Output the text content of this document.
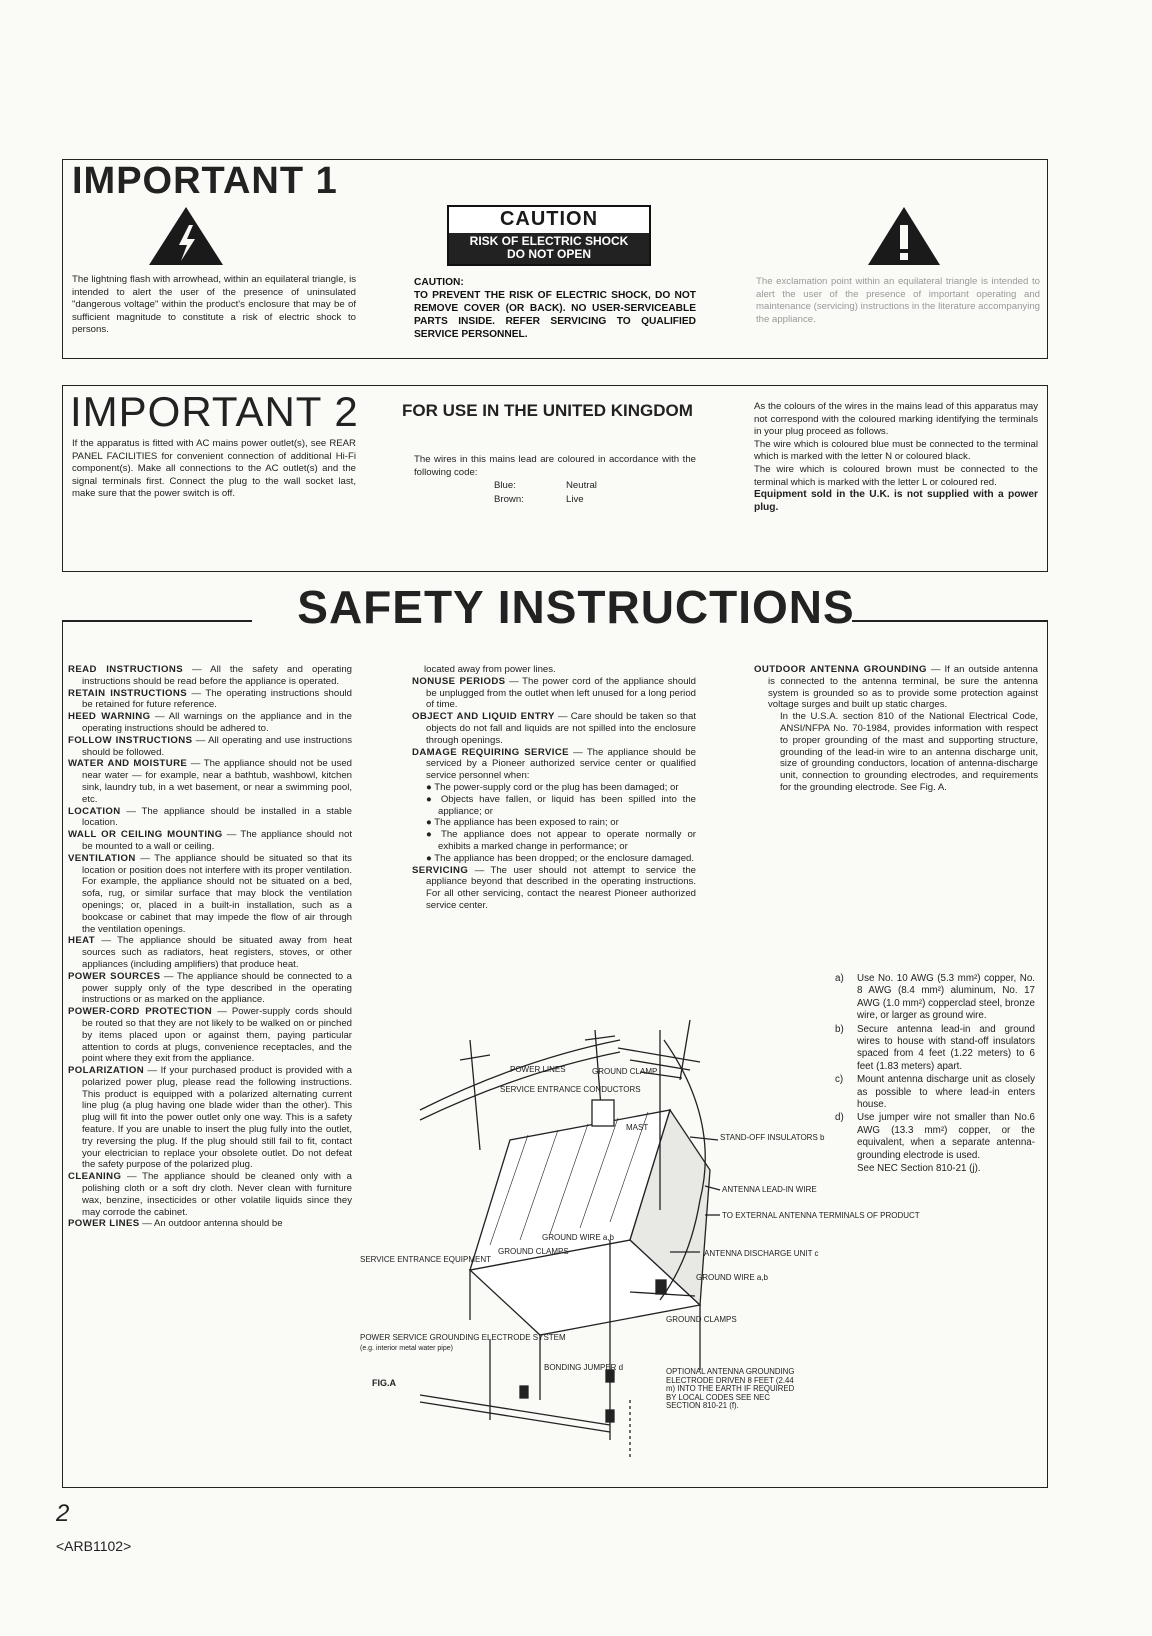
IMPORTANT 1
The lightning flash with arrowhead, within an equilateral triangle, is intended to alert the user of the presence of uninsulated "dangerous voltage" within the product's enclosure that may be of sufficient magnitude to constitute a risk of electric shock to persons.
CAUTION
RISK OF ELECTRIC SHOCK
DO NOT OPEN
CAUTION:
TO PREVENT THE RISK OF ELECTRIC SHOCK, DO NOT REMOVE COVER (OR BACK). NO USER-SERVICEABLE PARTS INSIDE. REFER SERVICING TO QUALIFIED SERVICE PERSONNEL.
The exclamation point within an equilateral triangle is intended to alert the user of the presence of important operating and maintenance (servicing) instructions in the literature accompanying the appliance.
IMPORTANT 2
If the apparatus is fitted with AC mains power outlet(s), see REAR PANEL FACILITIES for convenient connection of additional Hi-Fi component(s). Make all connections to the AC outlet(s) and the signal terminals first. Connect the plug to the wall socket last, make sure that the power switch is off.
FOR USE IN THE UNITED KINGDOM
The wires in this mains lead are coloured in accordance with the following code:
Blue:	Neutral
Brown:	Live
As the colours of the wires in the mains lead of this apparatus may not correspond with the coloured marking identifying the terminals in your plug proceed as follows.
The wire which is coloured blue must be connected to the terminal which is marked with the letter N or coloured black.
The wire which is coloured brown must be connected to the terminal which is marked with the letter L or coloured red.
Equipment sold in the U.K. is not supplied with a power plug.
SAFETY INSTRUCTIONS

READ INSTRUCTIONS — All the safety and operating instructions should be read before the appliance is operated.

RETAIN INSTRUCTIONS — The operating instructions should be retained for future reference.

HEED WARNING — All warnings on the appliance and in the operating instructions should be adhered to.

FOLLOW INSTRUCTIONS — All operating and use instructions should be followed.

WATER AND MOISTURE — The appliance should not be used near water — for example, near a bathtub, washbowl, kitchen sink, laundry tub, in a wet basement, or near a swimming pool, etc.

LOCATION — The appliance should be installed in a stable location.

WALL OR CEILING MOUNTING — The appliance should not be mounted to a wall or ceiling.

VENTILATION — The appliance should be situated so that its location or position does not interfere with its proper ventilation. For example, the appliance should not be situated on a bed, sofa, rug, or similar surface that may block the ventilation openings; or, placed in a built-in installation, such as a bookcase or cabinet that may impede the flow of air through the ventilation openings.

HEAT — The appliance should be situated away from heat sources such as radiators, heat registers, stoves, or other appliances (including amplifiers) that produce heat.

POWER SOURCES — The appliance should be connected to a power supply only of the type described in the operating instructions or as marked on the appliance.

POWER-CORD PROTECTION — Power-supply cords should be routed so that they are not likely to be walked on or pinched by items placed upon or against them, paying particular attention to cords at plugs, convenience receptacles, and the point where they exit from the appliance.

POLARIZATION — If your purchased product is provided with a polarized power plug, please read the following instructions. This product is equipped with a polarized alternating current line plug (a plug having one blade wider than the other). This plug will fit into the power outlet only one way. This is a safety feature. If you are unable to insert the plug fully into the outlet, try reversing the plug. If the plug should still fail to fit, contact your electrician to replace your obsolete outlet. Do not defeat the safety purpose of the polarized plug.

CLEANING — The appliance should be cleaned only with a polishing cloth or a soft dry cloth. Never clean with furniture wax, benzine, insecticides or other volatile liquids since they may corrode the cabinet.

POWER LINES — An outdoor antenna should be

located away from power lines.

NONUSE PERIODS — The power cord of the appliance should be unplugged from the outlet when left unused for a long period of time.

OBJECT AND LIQUID ENTRY — Care should be taken so that objects do not fall and liquids are not spilled into the enclosure through openings.

DAMAGE REQUIRING SERVICE — The appliance should be serviced by a Pioneer authorized service center or qualified service personnel when:

● The power-supply cord or the plug has been damaged; or

● Objects have fallen, or liquid has been spilled into the appliance; or

● The appliance has been exposed to rain; or

● The appliance does not appear to operate normally or exhibits a marked change in performance; or

● The appliance has been dropped; or the enclosure damaged.

SERVICING — The user should not attempt to service the appliance beyond that described in the operating instructions. For all other servicing, contact the nearest Pioneer authorized service center.

OUTDOOR ANTENNA GROUNDING — If an outside antenna is connected to the antenna terminal, be sure the antenna system is grounded so as to provide some protection against voltage surges and built up static charges.

In the U.S.A. section 810 of the National Electrical Code, ANSI/NFPA No. 70-1984, provides information with respect to proper grounding of the mast and supporting structure, grounding of the lead-in wire to an antenna discharge unit, size of grounding conductors, location of antenna-discharge unit, connection to grounding electrodes, and requirements for the grounding electrode. See Fig. A.

a)	Use No. 10 AWG (5.3 mm²) copper, No. 8 AWG (8.4 mm²) aluminum, No. 17 AWG (1.0 mm²) copperclad steel, bronze wire, or larger as ground wire.
b)	Secure antenna lead-in and ground wires to house with stand-off insulators spaced from 4 feet (1.22 meters) to 6 feet (1.83 meters) apart.
c)	Mount antenna discharge unit as closely as possible to where lead-in enters house.
d)	Use jumper wire not smaller than No.6 AWG (13.3 mm²) copper, or the equivalent, when a separate antenna-grounding electrode is used.
See NEC Section 810-21 (j).
POWER LINES
SERVICE ENTRANCE CONDUCTORS
GROUND CLAMP
MAST
STAND-OFF INSULATORS b
ANTENNA LEAD-IN WIRE
TO EXTERNAL ANTENNA TERMINALS OF PRODUCT
GROUND WIRE a,b
GROUND CLAMPS
SERVICE ENTRANCE EQUIPMENT
ANTENNA DISCHARGE UNIT c
GROUND WIRE a,b
GROUND CLAMPS
POWER SERVICE GROUNDING ELECTRODE SYSTEM
(e.g. interior metal water pipe)
BONDING JUMPER d
FIG.A
OPTIONAL ANTENNA GROUNDING ELECTRODE DRIVEN 8 FEET (2.44 m) INTO THE EARTH IF REQUIRED BY LOCAL CODES SEE NEC SECTION 810-21 (f).
2
<ARB1102>
